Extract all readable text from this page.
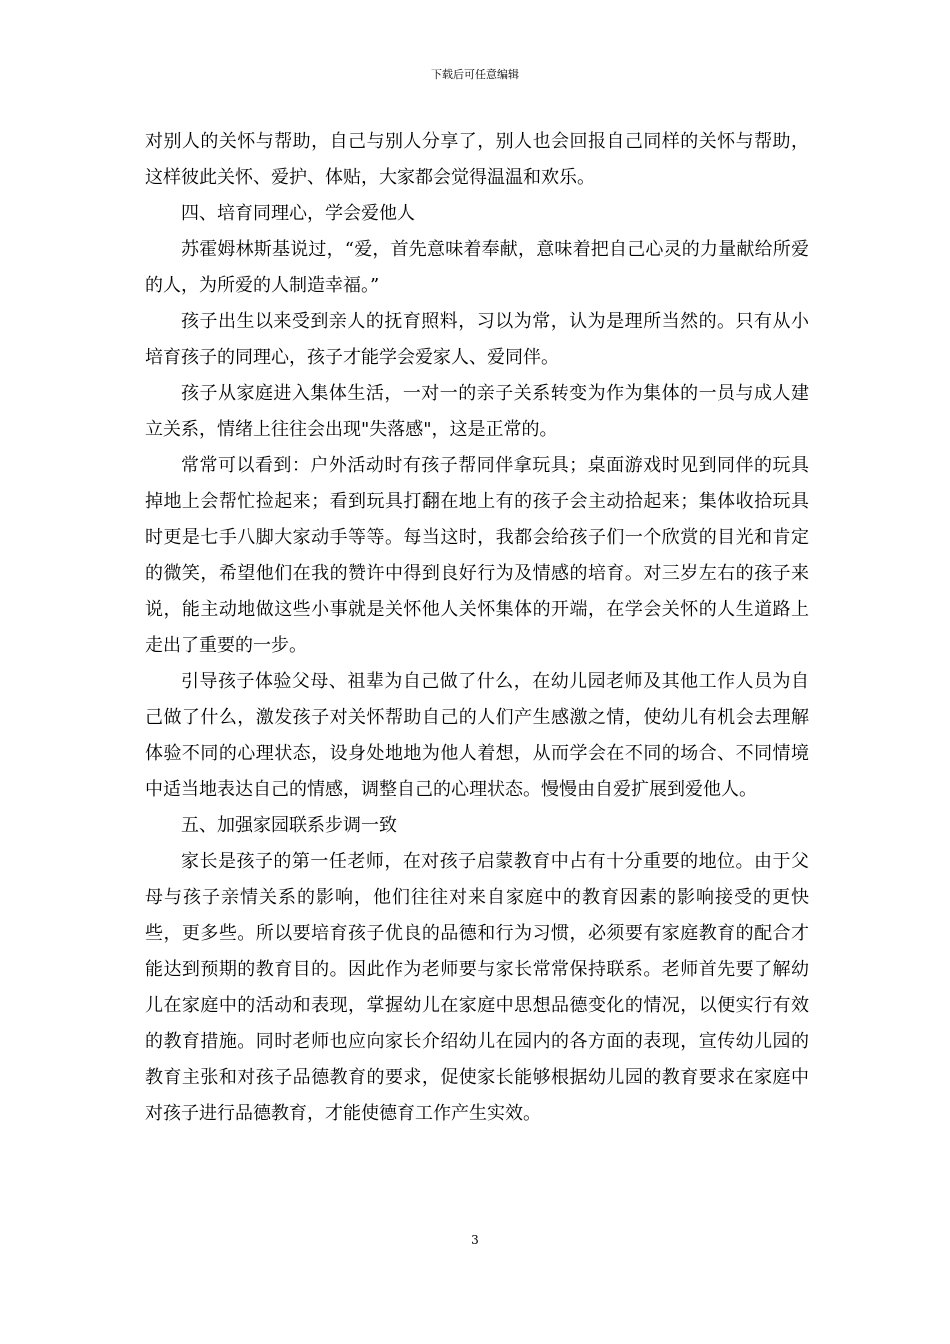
下载后可任意编辑

对别人的关怀与帮助，自己与别人分享了，别人也会回报自己同样的关怀与帮助，这样彼此关怀、爱护、体贴，大家都会觉得温温和欢乐。

四、培育同理心，学会爱他人

苏霍姆林斯基说过，“爱，首先意味着奉献，意味着把自己心灵的力量献给所爱的人，为所爱的人制造幸福。”

孩子出生以来受到亲人的抚育照料，习以为常，认为是理所当然的。只有从小培育孩子的同理心，孩子才能学会爱家人、爱同伴。

孩子从家庭进入集体生活，一对一的亲子关系转变为作为集体的一员与成人建立关系，情绪上往往会出现"失落感"，这是正常的。

常常可以看到：户外活动时有孩子帮同伴拿玩具；桌面游戏时见到同伴的玩具掉地上会帮忙捡起来；看到玩具打翻在地上有的孩子会主动拾起来；集体收拾玩具时更是七手八脚大家动手等等。每当这时，我都会给孩子们一个欣赏的目光和肯定的微笑，希望他们在我的赞许中得到良好行为及情感的培育。对三岁左右的孩子来说，能主动地做这些小事就是关怀他人关怀集体的开端，在学会关怀的人生道路上走出了重要的一步。

引导孩子体验父母、祖辈为自己做了什么，在幼儿园老师及其他工作人员为自己做了什么，激发孩子对关怀帮助自己的人们产生感激之情，使幼儿有机会去理解体验不同的心理状态，设身处地地为他人着想，从而学会在不同的场合、不同情境中适当地表达自己的情感，调整自己的心理状态。慢慢由自爱扩展到爱他人。

五、加强家园联系步调一致

家长是孩子的第一任老师，在对孩子启蒙教育中占有十分重要的地位。由于父母与孩子亲情关系的影响，他们往往对来自家庭中的教育因素的影响接受的更快些，更多些。所以要培育孩子优良的品德和行为习惯，必须要有家庭教育的配合才能达到预期的教育目的。因此作为老师要与家长常常保持联系。老师首先要了解幼儿在家庭中的活动和表现，掌握幼儿在家庭中思想品德变化的情况，以便实行有效的教育措施。同时老师也应向家长介绍幼儿在园内的各方面的表现，宣传幼儿园的教育主张和对孩子品德教育的要求，促使家长能够根据幼儿园的教育要求在家庭中对孩子进行品德教育，才能使德育工作产生实效。

3
